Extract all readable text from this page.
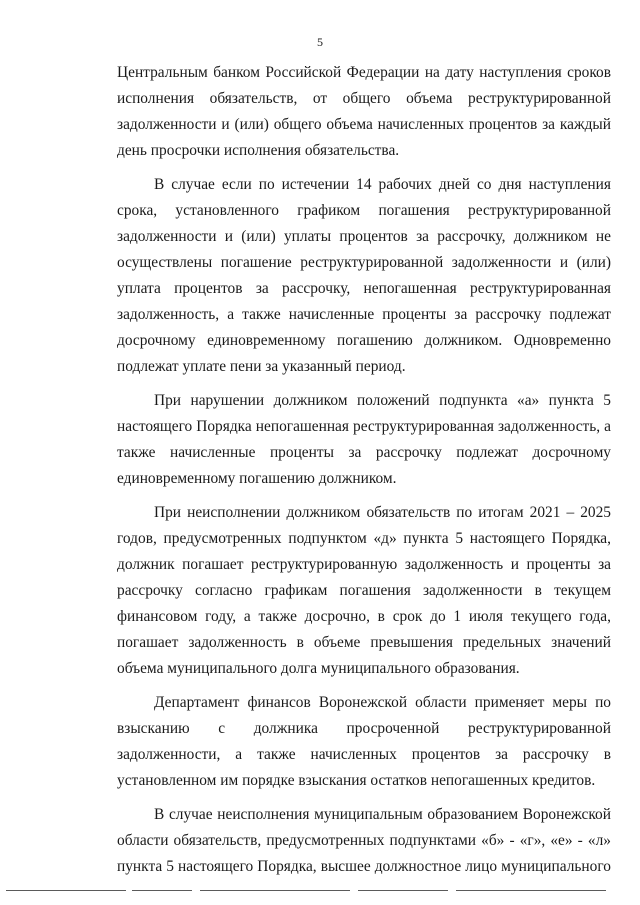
5

Центральным банком Российской Федерации на дату наступления сроков исполнения обязательств, от общего объема реструктурированной задолженности и (или) общего объема начисленных процентов за каждый день просрочки исполнения обязательства.

В случае если по истечении 14 рабочих дней со дня наступления срока, установленного графиком погашения реструктурированной задолженности и (или) уплаты процентов за рассрочку, должником не осуществлены погашение реструктурированной задолженности и (или) уплата процентов за рассрочку, непогашенная реструктурированная задолженность, а также начисленные проценты за рассрочку подлежат досрочному единовременному погашению должником. Одновременно подлежат уплате пени за указанный период.

При нарушении должником положений подпункта «а» пункта 5 настоящего Порядка непогашенная реструктурированная задолженность, а также начисленные проценты за рассрочку подлежат досрочному единовременному погашению должником.

При неисполнении должником обязательств по итогам 2021 – 2025 годов, предусмотренных подпунктом «д» пункта 5 настоящего Порядка, должник погашает реструктурированную задолженность и проценты за рассрочку согласно графикам погашения задолженности в текущем финансовом году, а также досрочно, в срок до 1 июля текущего года, погашает задолженность в объеме превышения предельных значений объема муниципального долга муниципального образования.

Департамент финансов Воронежской области применяет меры по взысканию с должника просроченной реструктурированной задолженности, а также начисленных процентов за рассрочку в установленном им порядке взыскания остатков непогашенных кредитов.

В случае неисполнения муниципальным образованием Воронежской области обязательств, предусмотренных подпунктами «б» - «г», «е» - «л» пункта 5 настоящего Порядка, высшее должностное лицо муниципального
